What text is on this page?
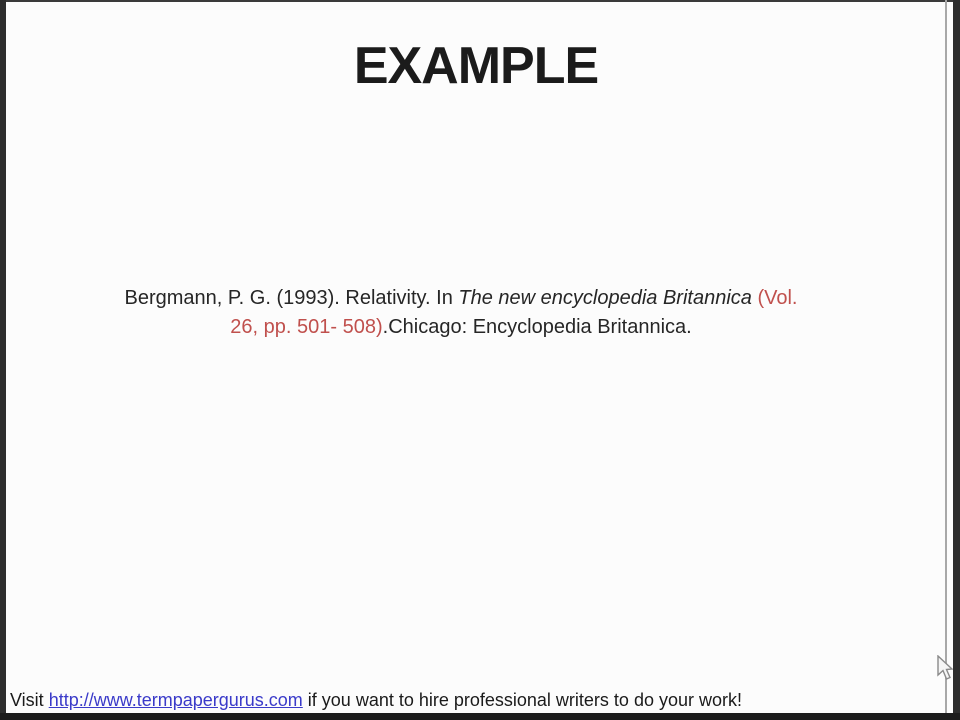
EXAMPLE

Bergmann, P. G. (1993). Relativity. In The new encyclopedia Britannica (Vol.
26, pp. 501- 508).Chicago: Encyclopedia Britannica.

Visit http://www.termpapergurus.com if you want to hire professional writers to do your work!
